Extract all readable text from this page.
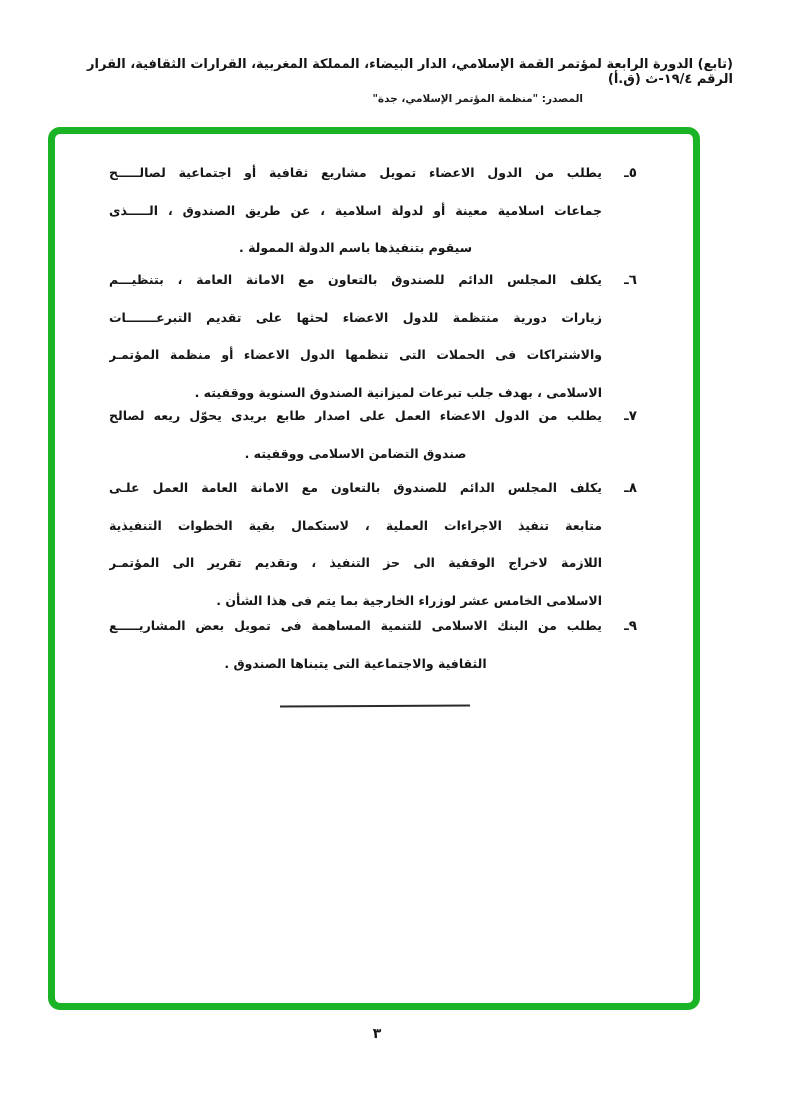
(تابع) الدورة الرابعة لمؤتمر القمة الإسلامي، الدار البيضاء، المملكة المغربية، القرارات الثقافية، القرار الرقم ١٩/٤-ث (ق.أ)
المصدر: "منظمة المؤتمر الإسلامي، جدة"
٥ـ
يطلب من الدول الاعضاء تمويل مشاريع ثقافية أو اجتماعية لصالـــــح
جماعات اسلامية معينة أو لدولة اسلامية ، عن طريق الصندوق ، الـــــذى
سيقوم بتنفيذها باسم الدولة الممولة .
٦ـ
يكلف المجلس الدائم للصندوق بالتعاون مع الامانة العامة ، بتنظيـــم
زيارات دورية منتظمة للدول الاعضاء لحثها على تقديم التبرعـــــــات
والاشتراكات فى الحملات التى تنظمها الدول الاعضاء أو منظمة المؤتمـر
الاسلامى ، بهدف جلب تبرعات لميزانية الصندوق السنوية ووقفيته .
٧ـ
يطلب من الدول الاعضاء العمل على اصدار طابع بريدى يحوّل ريعه لصالح
صندوق التضامن الاسلامى ووقفيته .
٨ـ
يكلف المجلس الدائم للصندوق بالتعاون مع الامانة العامة العمل علـى
متابعة تنفيذ الاجراءات العملية ، لاستكمال بقية الخطوات التنفيذية
اللازمة لاخراج الوقفية الى حز التنفيذ ، وتقديم تقرير الى المؤتمـر
الاسلامى الخامس عشر لوزراء الخارجية بما يتم فى هذا الشأن .
٩ـ
يطلب من البنك الاسلامى للتنمية المساهمة فى تمويل بعض المشاريـــــع
الثقافية والاجتماعية التى يتبناها الصندوق .
٣
